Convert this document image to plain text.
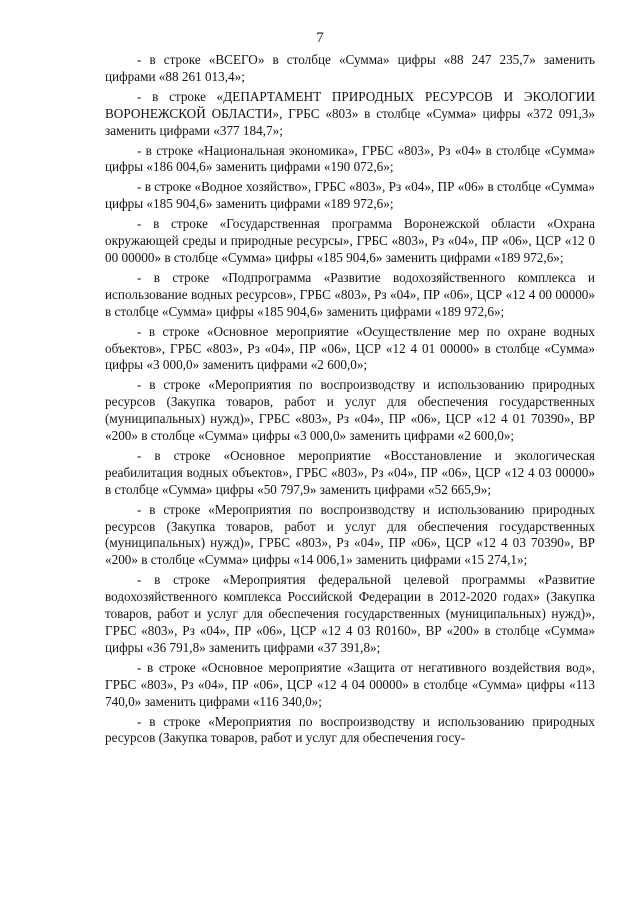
7

- в строке «ВСЕГО» в столбце «Сумма» цифры «88 247 235,7» заменить цифрами «88 261 013,4»;

- в строке «ДЕПАРТАМЕНТ ПРИРОДНЫХ РЕСУРСОВ И ЭКОЛОГИИ ВОРОНЕЖСКОЙ ОБЛАСТИ», ГРБС «803» в столбце «Сумма» цифры «372 091,3» заменить цифрами «377 184,7»;

- в строке «Национальная экономика», ГРБС «803», Рз «04» в столбце «Сумма» цифры «186 004,6» заменить цифрами «190 072,6»;

- в строке «Водное хозяйство», ГРБС «803», Рз «04», ПР «06» в столбце «Сумма» цифры «185 904,6» заменить цифрами «189 972,6»;

- в строке «Государственная программа Воронежской области «Охрана окружающей среды и природные ресурсы», ГРБС «803», Рз «04», ПР «06», ЦСР «12 0 00 00000» в столбце «Сумма» цифры «185 904,6» заменить цифрами «189 972,6»;

- в строке «Подпрограмма «Развитие водохозяйственного комплекса и использование водных ресурсов», ГРБС «803», Рз «04», ПР «06», ЦСР «12 4 00 00000» в столбце «Сумма» цифры «185 904,6» заменить цифрами «189 972,6»;

- в строке «Основное мероприятие «Осуществление мер по охране водных объектов», ГРБС «803», Рз «04», ПР «06», ЦСР «12 4 01 00000» в столбце «Сумма» цифры «3 000,0» заменить цифрами «2 600,0»;

- в строке «Мероприятия по воспроизводству и использованию природных ресурсов (Закупка товаров, работ и услуг для обеспечения государственных (муниципальных) нужд)», ГРБС «803», Рз «04», ПР «06», ЦСР «12 4 01 70390», ВР «200» в столбце «Сумма» цифры «3 000,0» заменить цифрами «2 600,0»;

- в строке «Основное мероприятие «Восстановление и экологическая реабилитация водных объектов», ГРБС «803», Рз «04», ПР «06», ЦСР «12 4 03 00000» в столбце «Сумма» цифры «50 797,9» заменить цифрами «52 665,9»;

- в строке «Мероприятия по воспроизводству и использованию природных ресурсов (Закупка товаров, работ и услуг для обеспечения государственных (муниципальных) нужд)», ГРБС «803», Рз «04», ПР «06», ЦСР «12 4 03 70390», ВР «200» в столбце «Сумма» цифры «14 006,1» заменить цифрами «15 274,1»;

- в строке «Мероприятия федеральной целевой программы «Развитие водохозяйственного комплекса Российской Федерации в 2012-2020 годах» (Закупка товаров, работ и услуг для обеспечения государственных (муниципальных) нужд)», ГРБС «803», Рз «04», ПР «06», ЦСР «12 4 03 R0160», ВР «200» в столбце «Сумма» цифры «36 791,8» заменить цифрами «37 391,8»;

- в строке «Основное мероприятие «Защита от негативного воздействия вод», ГРБС «803», Рз «04», ПР «06», ЦСР «12 4 04 00000» в столбце «Сумма» цифры «113 740,0» заменить цифрами «116 340,0»;

- в строке «Мероприятия по воспроизводству и использованию природных ресурсов (Закупка товаров, работ и услуг для обеспечения госу-
